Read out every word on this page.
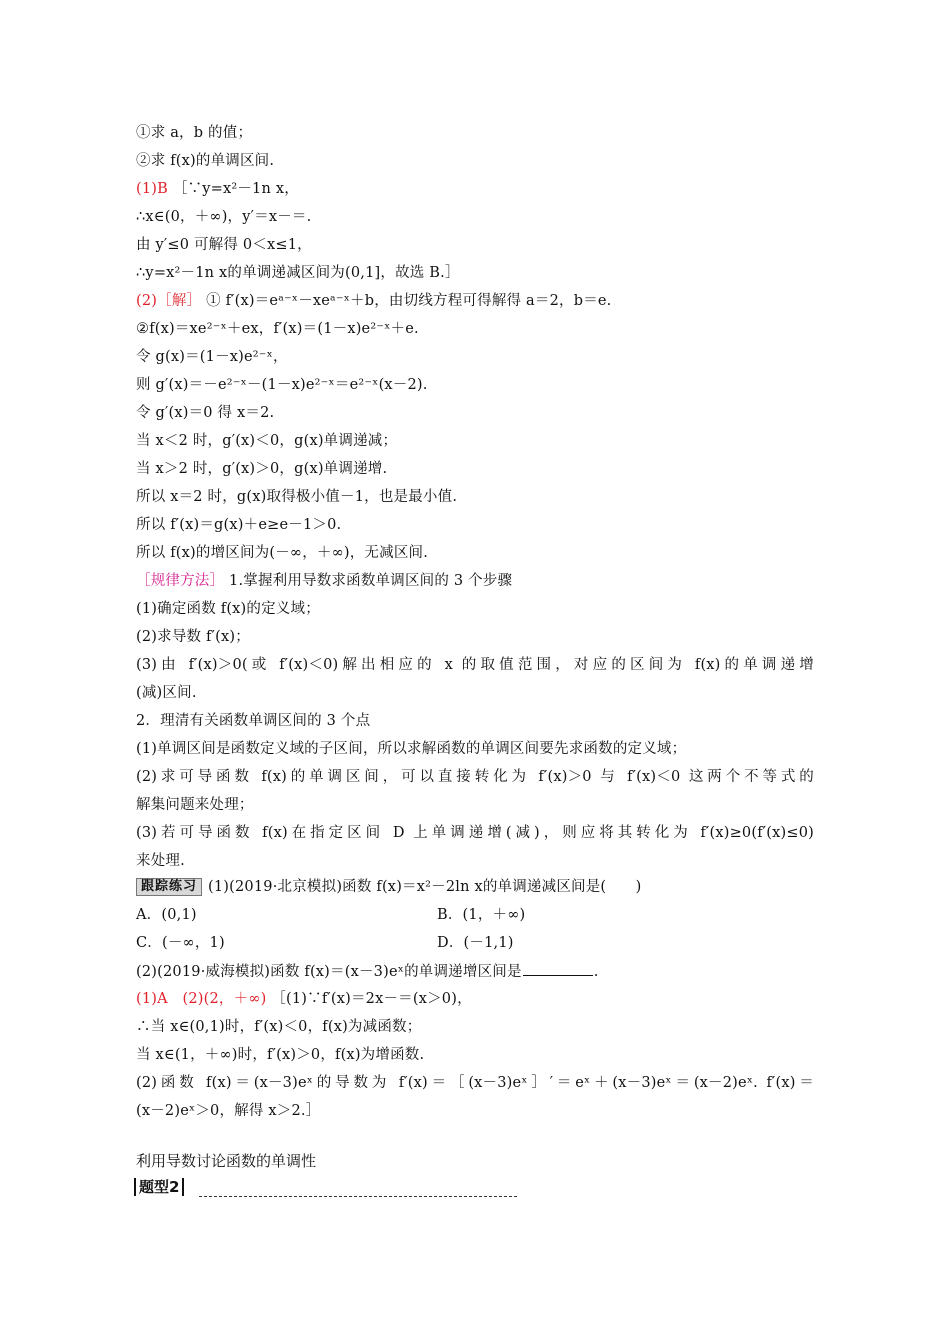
①求 a，b 的值；
②求 f(x)的单调区间.
(1)B ［∵y=x²－1n x，
∴x∈(0，＋∞)，y′＝x－＝.
由 y′≤0 可解得 0＜x≤1，
∴y=x²－1n x的单调递减区间为(0,1]，故选 B.］
(2)［解］ ① f′(x)＝eᵃ⁻ˣ－xeᵃ⁻ˣ＋b，由切线方程可得解得 a＝2，b＝e.
②f(x)＝xe²⁻ˣ＋ex，f′(x)＝(1－x)e²⁻ˣ＋e.
令 g(x)＝(1－x)e²⁻ˣ，
则 g′(x)＝－e²⁻ˣ－(1－x)e²⁻ˣ＝e²⁻ˣ(x－2).
令 g′(x)＝0 得 x＝2.
当 x＜2 时，g′(x)＜0，g(x)单调递减；
当 x＞2 时，g′(x)＞0，g(x)单调递增.
所以 x＝2 时，g(x)取得极小值－1，也是最小值.
所以 f′(x)＝g(x)＋e≥e－1＞0.
所以 f(x)的增区间为(－∞，＋∞)，无减区间.
［规律方法］ 1.掌握利用导数求函数单调区间的 3 个步骤
(1)确定函数 f(x)的定义域；
(2)求导数 f′(x)；
(3)由 f′(x)＞0(或 f′(x)＜0)解出相应的 x 的取值范围，对应的区间为 f(x)的单调递增
(减)区间.
2．理清有关函数单调区间的 3 个点
(1)单调区间是函数定义域的子区间，所以求解函数的单调区间要先求函数的定义域；
(2)求可导函数 f(x)的单调区间，可以直接转化为 f′(x)＞0 与 f′(x)＜0 这两个不等式的
解集问题来处理；
(3)若可导函数 f(x)在指定区间 D 上单调递增(减)，则应将其转化为 f′(x)≥0(f′(x)≤0)
来处理.
跟踪练习 (1)(2019·北京模拟)函数 f(x)＝x²－2ln x的单调递减区间是(　　)
A．(0,1)	B．(1，＋∞)
C．(－∞，1)	D．(－1,1)
(2)(2019·威海模拟)函数 f(x)＝(x－3)eˣ的单调递增区间是	.
(1)A　(2)(2，＋∞) ［(1)∵f′(x)＝2x－＝(x＞0)，
∴当 x∈(0,1)时，f′(x)＜0，f(x)为减函数；
当 x∈(1，＋∞)时，f′(x)＞0，f(x)为增函数.
(2)函数 f(x)＝(x－3)eˣ的导数为 f′(x)＝［(x－3)eˣ］′＝eˣ＋(x－3)eˣ＝(x－2)eˣ. f′(x)＝
(x－2)eˣ＞0，解得 x＞2.］
利用导数讨论函数的单调性
题型2
